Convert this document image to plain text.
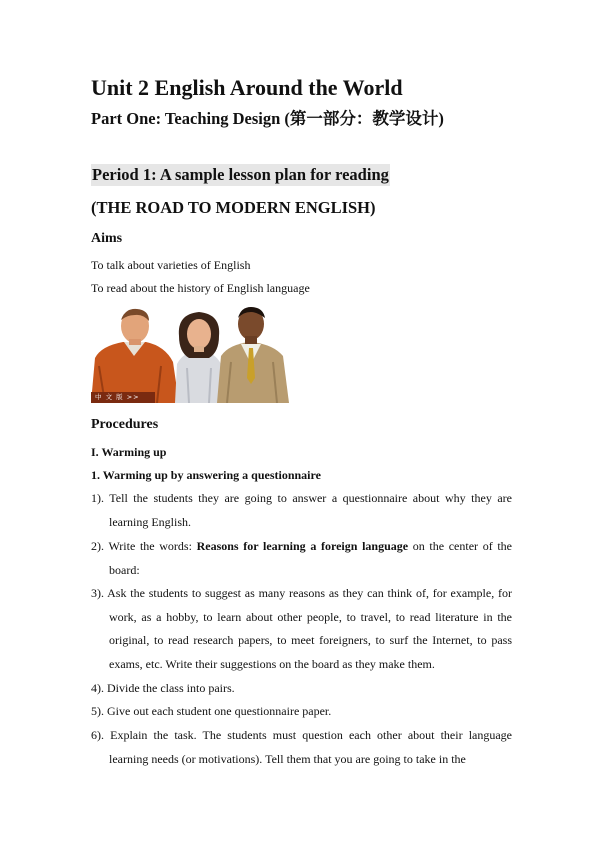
Unit 2 English Around the World
Part One: Teaching Design (第一部分：教学设计)
Period 1: A sample lesson plan for reading
(THE ROAD TO MODERN ENGLISH)
Aims
To talk about varieties of English
To read about the history of English language
中 文 版 >>
Procedures
I. Warming up
1. Warming up by answering a questionnaire
1). Tell the students they are going to answer a questionnaire about why they are learning English.
2). Write the words: Reasons for learning a foreign language on the center of the board:
3). Ask the students to suggest as many reasons as they can think of, for example, for work, as a hobby, to learn about other people, to travel, to read literature in the original, to read research papers, to meet foreigners, to surf the Internet, to pass exams, etc. Write their suggestions on the board as they make them.
4). Divide the class into pairs.
5). Give out each student one questionnaire paper.
6). Explain the task. The students must question each other about their language learning needs (or motivations). Tell them that you are going to take in the
